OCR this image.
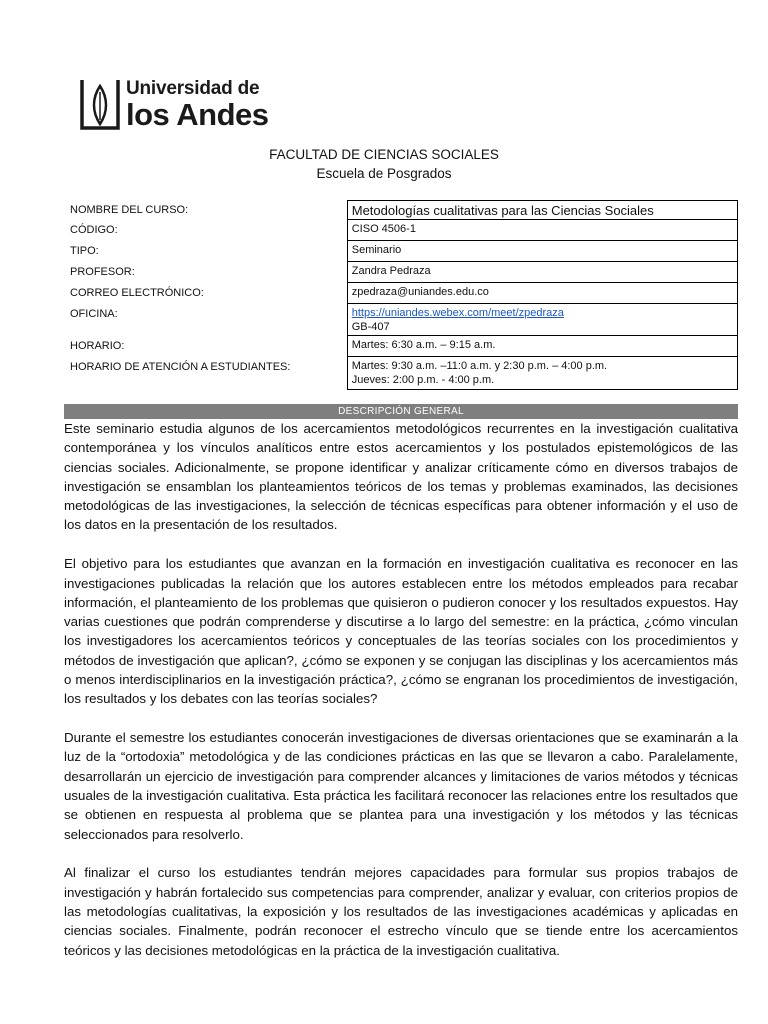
Universidad de
los Andes
FACULTAD DE CIENCIAS SOCIALES
Escuela de Posgrados
NOMBRE DEL CURSO:	Metodologías cualitativas para las Ciencias Sociales
CÓDIGO:	CISO 4506-1
TIPO:	Seminario
PROFESOR:	Zandra Pedraza
CORREO ELECTRÓNICO:	zpedraza@uniandes.edu.co
OFICINA:	https://uniandes.webex.com/meet/zpedraza
GB-407
HORARIO:	Martes: 6:30 a.m. – 9:15 a.m.
HORARIO DE ATENCIÓN A ESTUDIANTES:	Martes: 9:30 a.m. –11:0 a.m. y 2:30 p.m. – 4:00 p.m.
Jueves: 2:00 p.m. - 4:00 p.m.
DESCRIPCIÓN GENERAL

Este seminario estudia algunos de los acercamientos metodológicos recurrentes en la investigación cualitativa contemporánea y los vínculos analíticos entre estos acercamientos y los postulados epistemológicos de las ciencias sociales. Adicionalmente, se propone identificar y analizar críticamente cómo en diversos trabajos de investigación se ensamblan los planteamientos teóricos de los temas y problemas examinados, las decisiones metodológicas de las investigaciones, la selección de técnicas específicas para obtener información y el uso de los datos en la presentación de los resultados.

El objetivo para los estudiantes que avanzan en la formación en investigación cualitativa es reconocer en las investigaciones publicadas la relación que los autores establecen entre los métodos empleados para recabar información, el planteamiento de los problemas que quisieron o pudieron conocer y los resultados expuestos. Hay varias cuestiones que podrán comprenderse y discutirse a lo largo del semestre: en la práctica, ¿cómo vinculan los investigadores los acercamientos teóricos y conceptuales de las teorías sociales con los procedimientos y métodos de investigación que aplican?, ¿cómo se exponen y se conjugan las disciplinas y los acercamientos más o menos interdisciplinarios en la investigación práctica?, ¿cómo se engranan los procedimientos de investigación, los resultados y los debates con las teorías sociales?

Durante el semestre los estudiantes conocerán investigaciones de diversas orientaciones que se examinarán a la luz de la “ortodoxia” metodológica y de las condiciones prácticas en las que se llevaron a cabo. Paralelamente, desarrollarán un ejercicio de investigación para comprender alcances y limitaciones de varios métodos y técnicas usuales de la investigación cualitativa. Esta práctica les facilitará reconocer las relaciones entre los resultados que se obtienen en respuesta al problema que se plantea para una investigación y los métodos y las técnicas seleccionados para resolverlo.

Al finalizar el curso los estudiantes tendrán mejores capacidades para formular sus propios trabajos de investigación y habrán fortalecido sus competencias para comprender, analizar y evaluar, con criterios propios de las metodologías cualitativas, la exposición y los resultados de las investigaciones académicas y aplicadas en ciencias sociales. Finalmente, podrán reconocer el estrecho vínculo que se tiende entre los acercamientos teóricos y las decisiones metodológicas en la práctica de la investigación cualitativa.
